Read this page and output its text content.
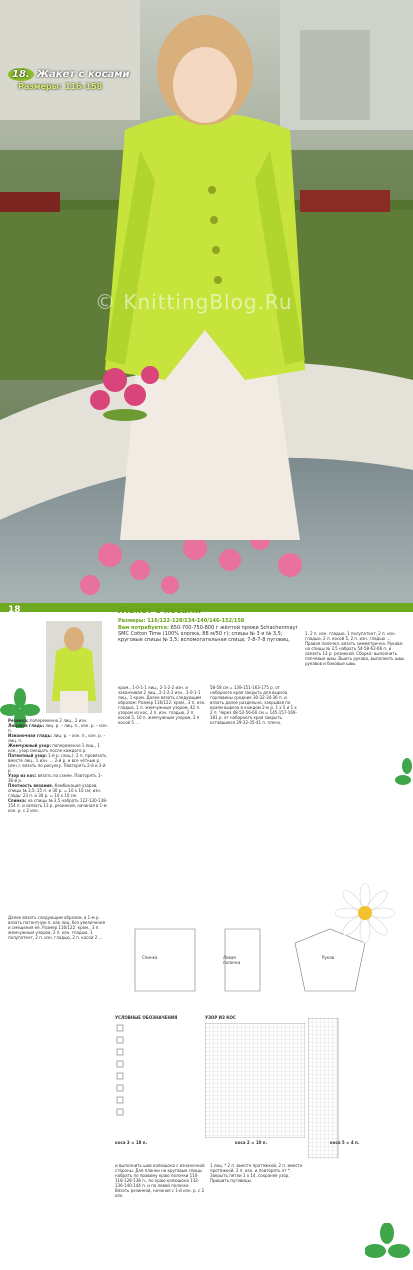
18. Жакет с косами
Размеры: 116–158
© KnittingBlog.Ru
18	Жакет с косами
Размеры: 116/122-128/134-140/146-152/158
Вам потребуется: 650-700-750-800 г жёлтой пряжи Schachenmayr SMC Cotton Time (100% хлопка, 88 м/50 г); спицы № 3 и № 3,5; круговые спицы № 3,5; вспомогательная спица; 7-8-7-8 пуговиц.
Резинка: попеременно 2 лиц., 2 изн.
Лицевая гладь: лиц. р. – лиц. п., изн. р. – изн. п.
Изнаночная гладь: лиц. р. – изн. п., изн. р. – лиц. п.
Жемчужный узор: попеременно 1 лиц., 1 изн., узор смещать после каждого р.
Патентный узор: 1-й р. (лиц.): 2 п. провязать вместе лиц., 1 изн. … 2-й р. и все чётные р. (изн.): вязать по рисунку. Повторять 2-й и 3-й р.
Узор из кос: вязать по схеме. Повторять 1–36-й р.
Плотность вязания. Комбинация узоров, спицы № 3,5: 25 п. и 30 р. = 10 х 10 см; изн. гладь: 23 п. и 30 р. = 10 х 10 см.
Спинка: на спицы № 3,5 набрать 122-130-138-154 п. и связать 13 р. резинкой, начиная в 1-м изн. р. с 2 изн.
кром., 1-0-1-1 лиц., 2-1-2-2 изн. и заканчивая 2 лиц., 2-1-2-2 изн., 1-0-1-1 лиц., 1 кром. Далее вязать следующим образом: Размер 116/122: кром., 3 п. изн. гладью, 1 п. жемчужным узором, 42 п. узором из кос, 2 п. изн. гладью, 2 п. косой 5, 10 п. жемчужным узором, 2 п. косой 5 …
58-58 см = 139-151-163-175 р. от наборного края закрыть для выреза горловины средние 30-32-34-36 п. и вязать далее раздельно, закрывая по краям выреза в каждом 2-м р. 1 х 5 и 1 х 2 п. Через 48-52-56-60 см = 145-157-169-181 р. от наборного края закрыть оставшиеся 29-32-35-41 п. плеча.
1, 2 п. изн. гладью, 1 полупатент, 2 п. изн. гладью, 2 п. косой 5, 2 п. изн. гладью … Правая полочка: вязать симметрично. Рукава: на спицы № 3,5 набрать 54-58-62-66 п. и связать 13 р. резинкой. Сборка: выполнить плечевые швы. Вшить рукава, выполнить швы рукавов и боковые швы.
Далее вязать следующим образом, в 1-м р. вязать патентную п. как лиц. без увеличения и смещения её. Размер 116/122: кром., 3 п. жемчужным узором, 2 п. изн. гладью, 1 полупатент, 2 п. изн. гладью, 2 п. косой 2 …
Спинка	Левая полочка
Рукав
УСЛОВНЫЕ ОБОЗНАЧЕНИЯ	УЗОР ИЗ КОС
коса 3 = 18 п.	коса 2 = 10 п.	коса 5 = 4 п.
и выполнить шов капюшона с изнаночной стороны. Для планки на круговые спицы набрать по правому краю полочки 110-118-128-138 п., по краю капюшона 132-136-140-144 п. и по левой полочке. Вязать резинкой, начиная с 1-й изн. р. с 2 изн.
1 лиц. * 2 п. вместе протяжкой, 2 п. вместе протяжкой, 2 п. изн. и повторять от *. Закрыть петли 1 х 14, сохраняя узор. Пришить пуговицы.
